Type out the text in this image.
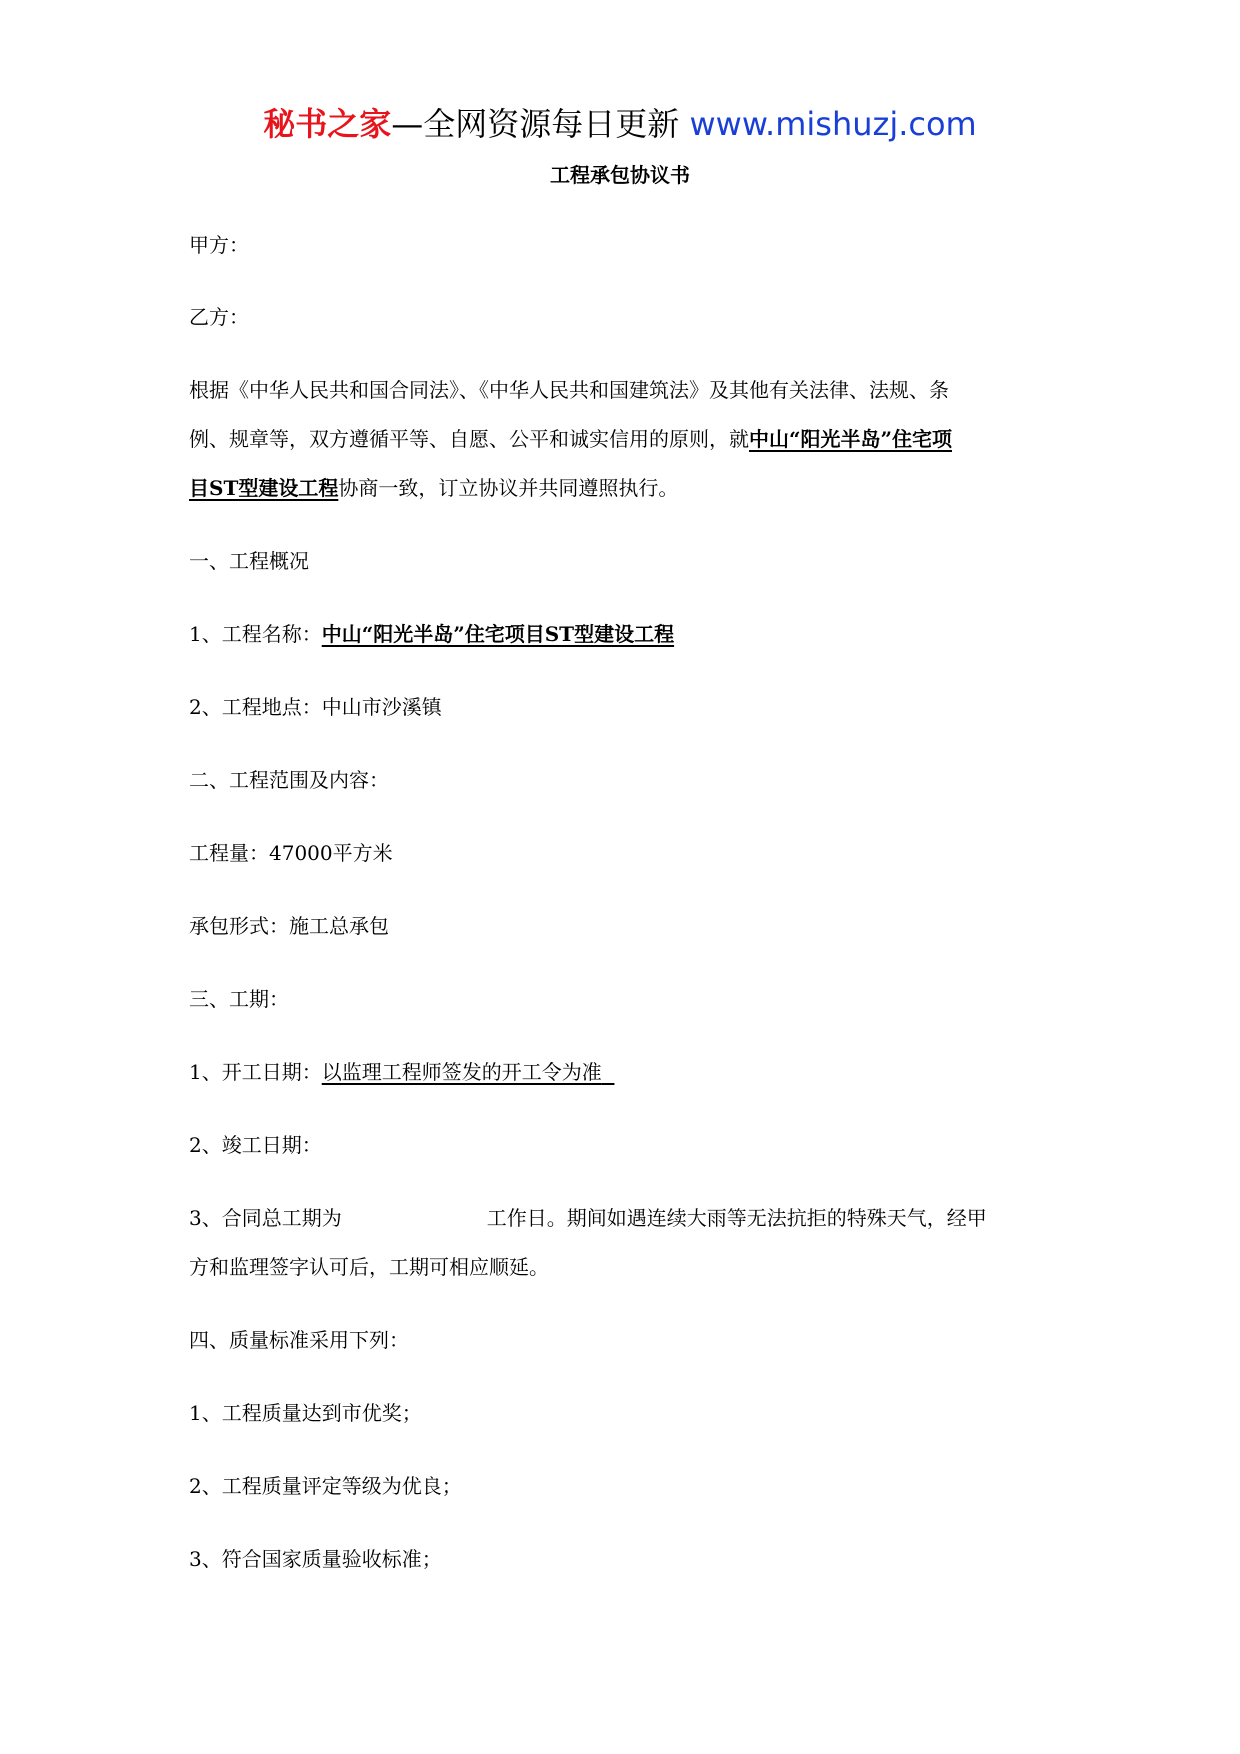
秘书之家—全网资源每日更新 www.mishuzj.com
工程承包协议书
甲方：
乙方：
根据《中华人民共和国合同法》、《中华人民共和国建筑法》及其他有关法律、法规、条
例、规章等，双方遵循平等、自愿、公平和诚实信用的原则，就中山“阳光半岛”住宅项
目ST型建设工程协商一致，订立协议并共同遵照执行。
一、工程概况
1、工程名称：中山“阳光半岛”住宅项目ST型建设工程
2、工程地点：中山市沙溪镇
二、工程范围及内容：
工程量：47000平方米
承包形式：施工总承包
三、工期：
1、开工日期：以监理工程师签发的开工令为准
2、竣工日期：
3、合同总工期为	工作日。期间如遇连续大雨等无法抗拒的特殊天气，经甲
方和监理签字认可后，工期可相应顺延。
四、质量标准采用下列：
1、工程质量达到市优奖；
2、工程质量评定等级为优良；
3、符合国家质量验收标准；
